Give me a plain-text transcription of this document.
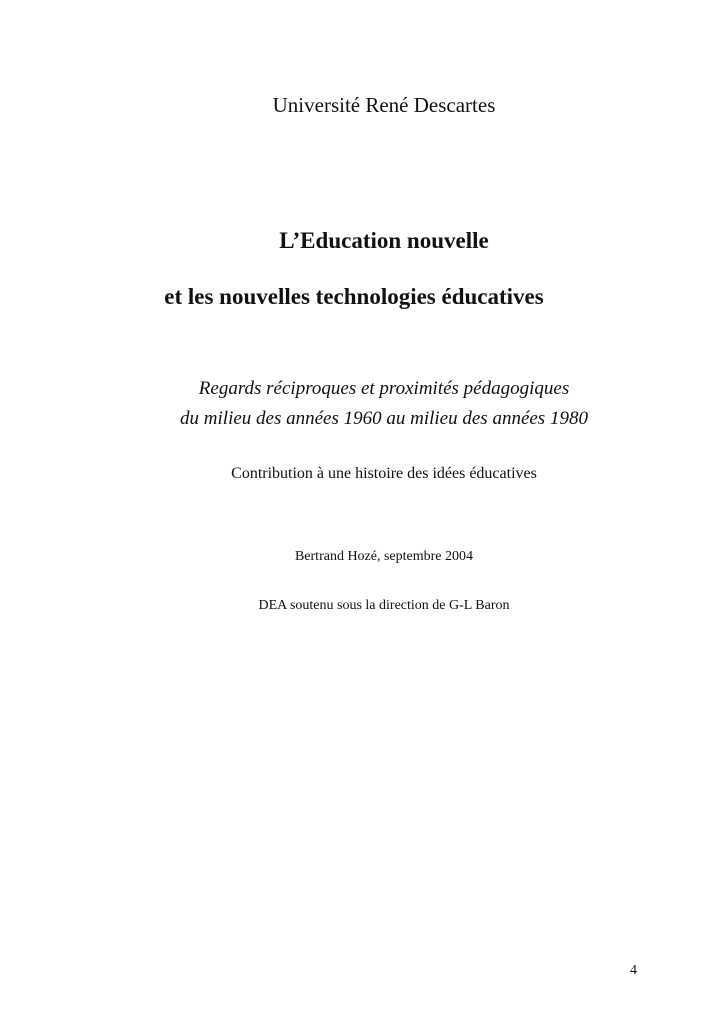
Université René Descartes
L’Education nouvelle
et les nouvelles technologies éducatives
Regards réciproques et proximités pédagogiques
du milieu des années 1960 au milieu des années 1980
Contribution à une histoire des idées éducatives
Bertrand Hozé, septembre 2004
DEA soutenu sous la direction de G-L Baron
4
